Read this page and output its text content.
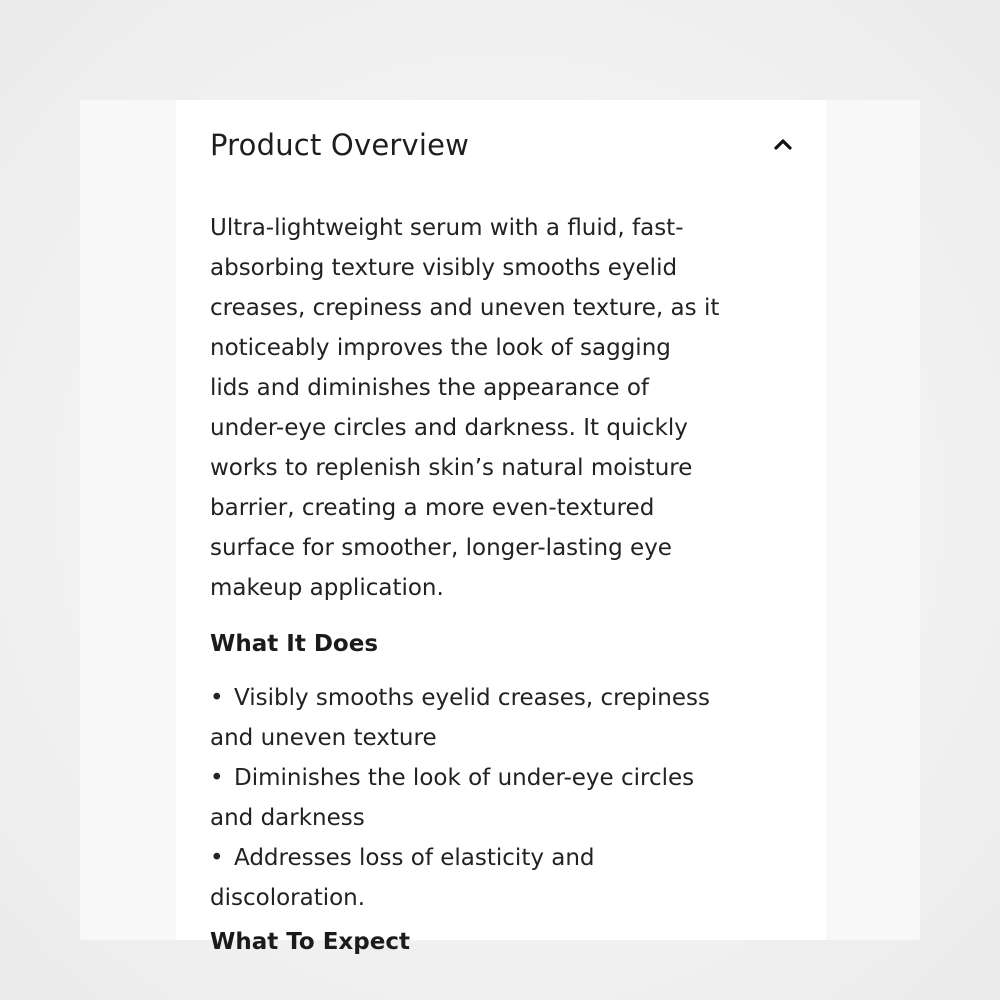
Product Overview
Ultra-lightweight serum with a fluid, fast-
absorbing texture visibly smooths eyelid
creases, crepiness and uneven texture, as it
noticeably improves the look of sagging
lids and diminishes the appearance of
under-eye circles and darkness. It quickly
works to replenish skin’s natural moisture
barrier, creating a more even-textured
surface for smoother, longer-lasting eye
makeup application.
What It Does
• Visibly smooths eyelid creases, crepiness
and uneven texture
• Diminishes the look of under-eye circles
and darkness
• Addresses loss of elasticity and
discoloration.
What To Expect
